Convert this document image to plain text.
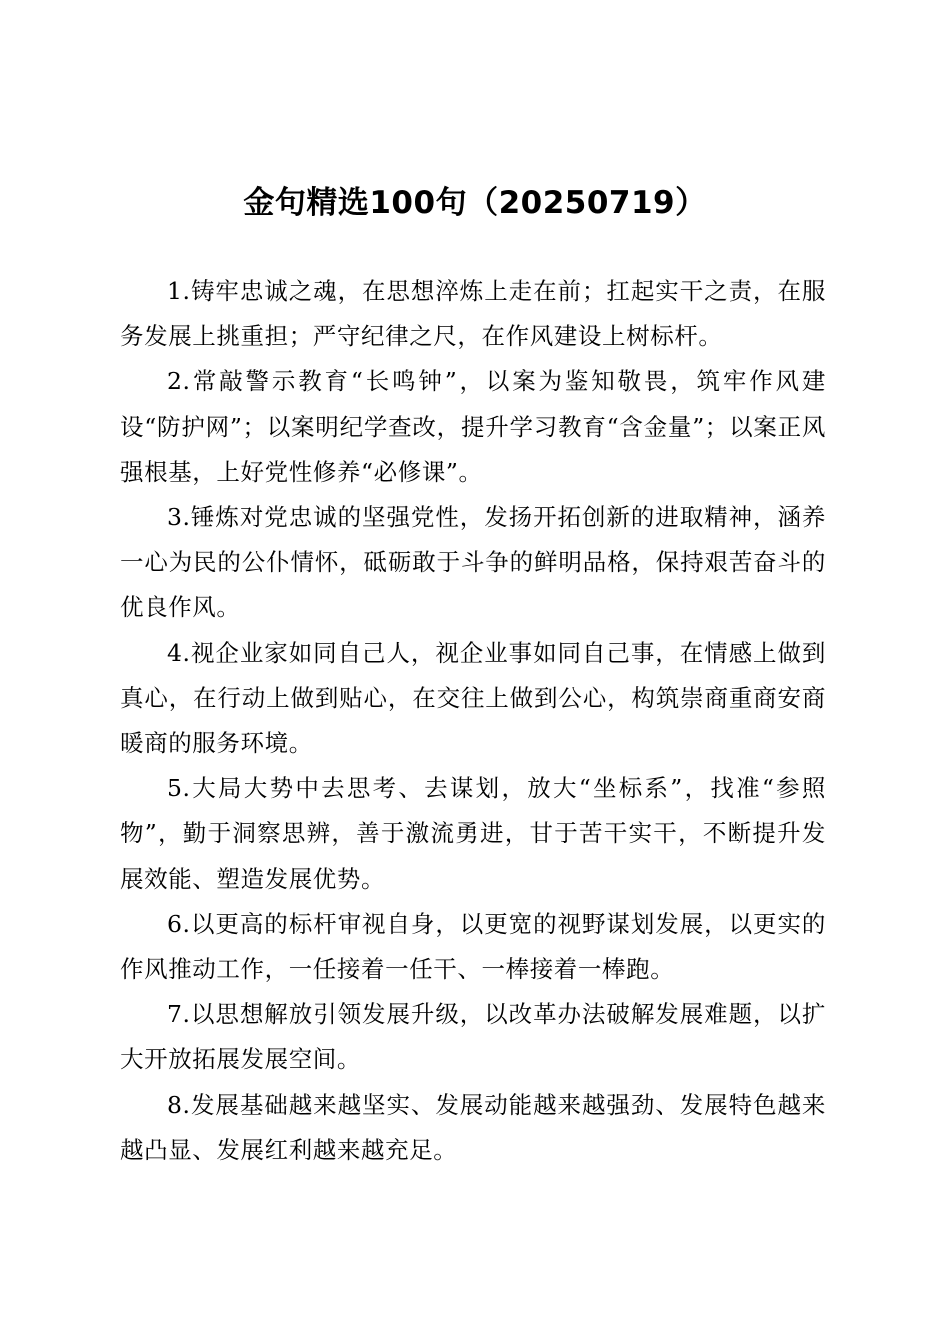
金句精选100句（20250719）

1.铸牢忠诚之魂，在思想淬炼上走在前；扛起实干之责，在服务发展上挑重担；严守纪律之尺，在作风建设上树标杆。

2.常敲警示教育“长鸣钟”，以案为鉴知敬畏，筑牢作风建设“防护网”；以案明纪学查改，提升学习教育“含金量”；以案正风强根基，上好党性修养“必修课”。

3.锤炼对党忠诚的坚强党性，发扬开拓创新的进取精神，涵养一心为民的公仆情怀，砥砺敢于斗争的鲜明品格，保持艰苦奋斗的优良作风。

4.视企业家如同自己人，视企业事如同自己事，在情感上做到真心，在行动上做到贴心，在交往上做到公心，构筑崇商重商安商暖商的服务环境。

5.大局大势中去思考、去谋划，放大“坐标系”，找准“参照物”，勤于洞察思辨，善于激流勇进，甘于苦干实干，不断提升发展效能、塑造发展优势。

6.以更高的标杆审视自身，以更宽的视野谋划发展，以更实的作风推动工作，一任接着一任干、一棒接着一棒跑。

7.以思想解放引领发展升级，以改革办法破解发展难题，以扩大开放拓展发展空间。

8.发展基础越来越坚实、发展动能越来越强劲、发展特色越来越凸显、发展红利越来越充足。
